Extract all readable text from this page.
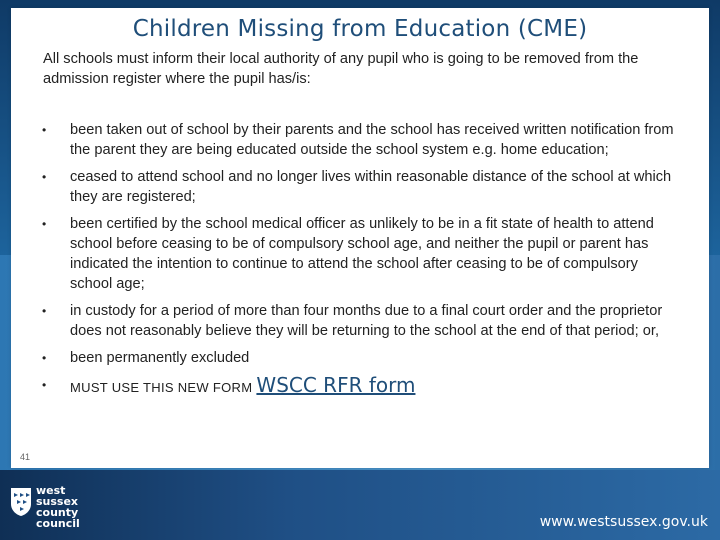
Children Missing from Education (CME)
All schools must inform their local authority of any pupil who is going to be removed from the admission register where the pupil has/is:
• been taken out of school by their parents and the school has received written notification from the parent they are being educated outside the school system e.g. home education;
• ceased to attend school and no longer lives within reasonable distance of the school at which they are registered;
• been certified by the school medical officer as unlikely to be in a fit state of health to attend school before ceasing to be of compulsory school age, and neither the pupil or parent has indicated the intention to continue to attend the school after ceasing to be of compulsory school age;
• in custody for a period of more than four months due to a final court order and the proprietor does not reasonably believe they will be returning to the school at the end of that period; or,
• been permanently excluded
• MUST USE THIS NEW FORM WSCC RFR form
41
west
sussex
county
council	www.westsussex.gov.uk
